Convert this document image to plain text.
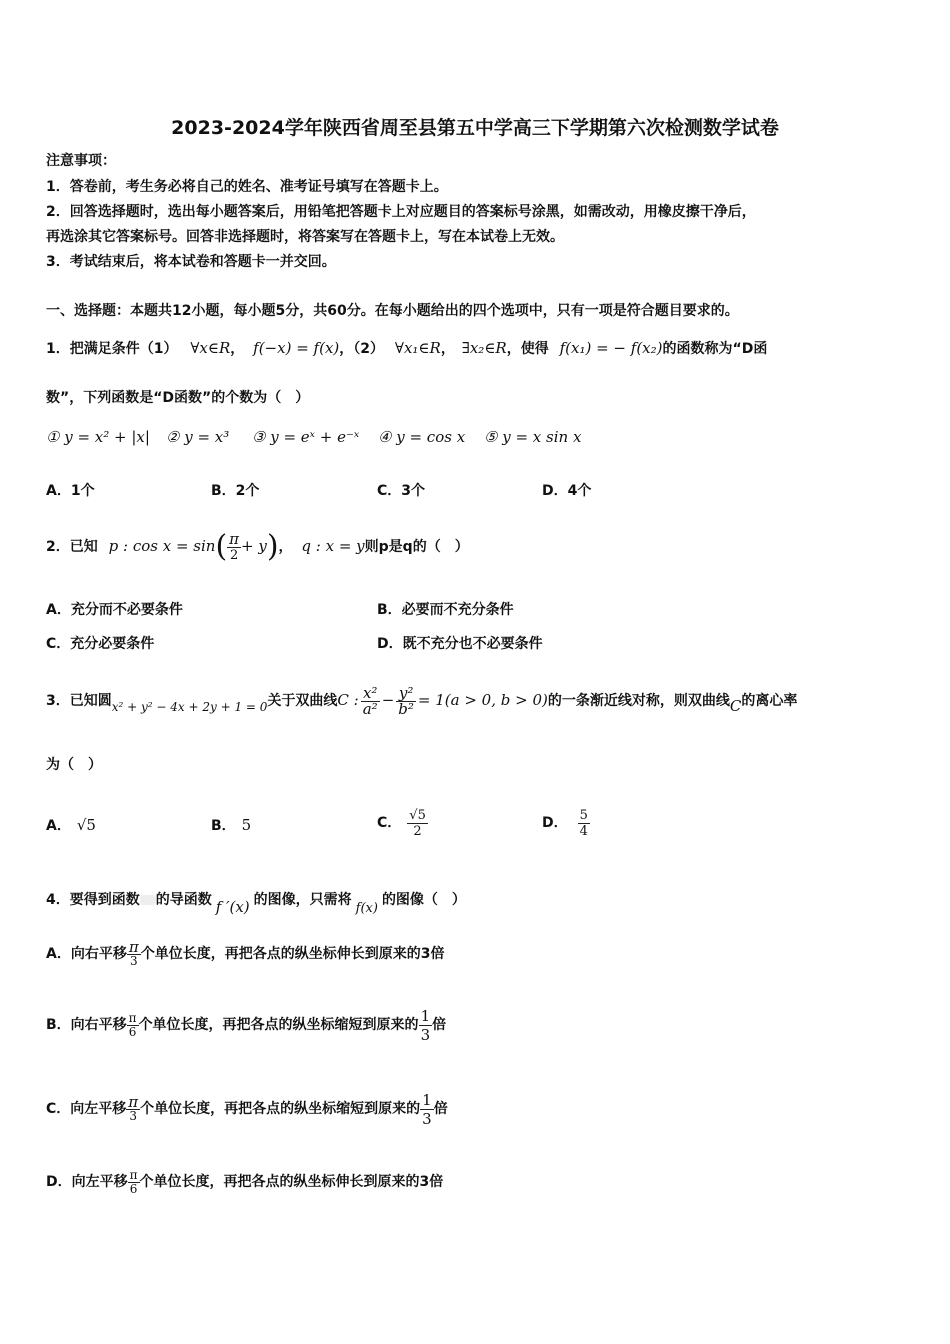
2023-2024学年陕西省周至县第五中学高三下学期第六次检测数学试卷
注意事项：
1．答卷前，考生务必将自己的姓名、准考证号填写在答题卡上。
2．回答选择题时，选出每小题答案后，用铅笔把答题卡上对应题目的答案标号涂黑，如需改动，用橡皮擦干净后，
再选涂其它答案标号。回答非选择题时，将答案写在答题卡上，写在本试卷上无效。
3．考试结束后，将本试卷和答题卡一并交回。
一、选择题：本题共12小题，每小题5分，共60分。在每小题给出的四个选项中，只有一项是符合题目要求的。
1．把满足条件（1） ∀x∈R， f(−x) = f(x)，（2） ∀x₁∈R， ∃x₂∈R，使得 f(x₁) = − f(x₂)的函数称为“D函
数”，下列函数是“D函数”的个数为（　）
① y = x² + |x| ② y = x³ ③ y = eˣ + e⁻ˣ ④ y = cos x ⑤ y = x sin x
A．1个	B．2个	C．3个	D．4个
2．已知 p : $\cos x = \sin( \frac{\pi}{2} + y)$， q : x = y则p是q的（　）
A．充分而不必要条件	B．必要而不充分条件
C．充分必要条件	D．既不充分也不必要条件
3．已知圆x² + y² − 4x + 2y + 1 = 0关于双曲线C : $\frac{\text{x²}}{\text{a²}} - \frac{\text{y²}}{\text{b²}} = 1(a > 0$, b > 0)的一条渐近线对称，则双曲线C的离心率
为（　）
A． √5	B． 5	C． $\frac{√5}{2}$	D． $\frac{5}{4}$
4．要得到函数 的导函数 f ′(x) 的图像，只需将f(x)的图像（　）
A．向右平移 $\frac{\pi}{3}$ 个单位长度，再把各点的纵坐标伸长到原来的3倍
B．向右平移 $\frac{\pi}{6}$ 个单位长度，再把各点的纵坐标缩短到原来的 $\frac{1}{3}$ 倍
C．向左平移 $\frac{\pi}{3}$ 个单位长度，再把各点的纵坐标缩短到原来的 $\frac{1}{3}$ 倍
D．向左平移 $\frac{\pi}{6}$ 个单位长度，再把各点的纵坐标伸长到原来的3倍
